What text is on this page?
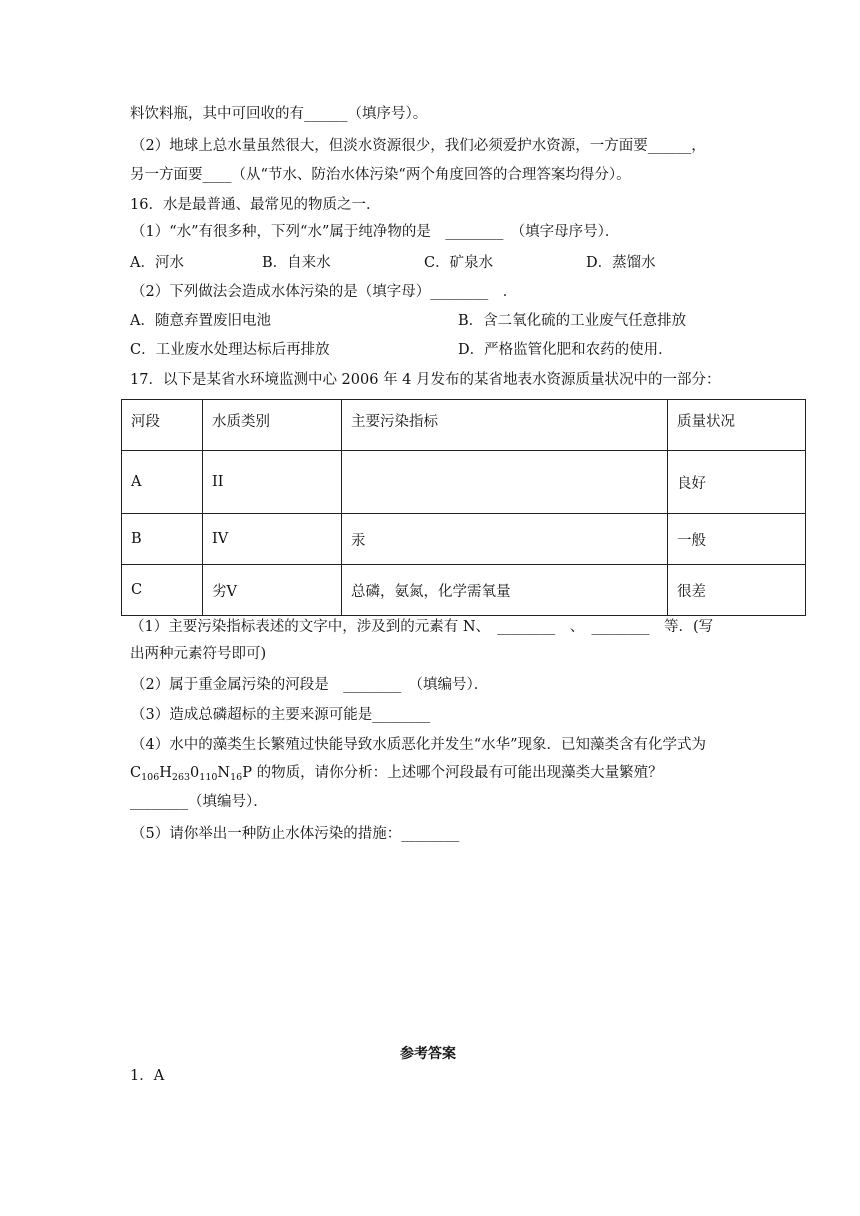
料饮料瓶，其中可回收的有______（填序号）。
（2）地球上总水量虽然很大，但淡水资源很少，我们必须爱护水资源，一方面要______，
另一方面要____（从“节水、防治水体污染“两个角度回答的合理答案均得分）。
16．水是最普通、最常见的物质之一．
（1）“水”有很多种，下列“水”属于纯净物的是　________　（填字母序号）．
A．河水	B．自来水	C．矿泉水	D．蒸馏水
（2）下列做法会造成水体污染的是（填字母）________　．
A．随意弃置废旧电池	B．含二氧化硫的工业废气任意排放
C．工业废水处理达标后再排放	D．严格监管化肥和农药的使用．
17．以下是某省水环境监测中心 2006 年 4 月发布的某省地表水资源质量状况中的一部分：
河段	水质类别	主要污染指标	质量状况
A	II		良好
B	IV	汞	一般
C	劣V	总磷，氨氮，化学需氧量	很差
（1）主要污染指标表述的文字中，涉及到的元素有 N、　________　、　________　等．(写
出两种元素符号即可)
（2）属于重金属污染的河段是　________　（填编号）．
（3）造成总磷超标的主要来源可能是________
（4）水中的藻类生长繁殖过快能导致水质恶化并发生“水华”现象．已知藻类含有化学式为
$C_{106}H_{263}0_{110}N_{16}P$ 的物质，请你分析：上述哪个河段最有可能出现藻类大量繁殖？
________（填编号）．
（5）请你举出一种防止水体污染的措施：________
参考答案
1．A
